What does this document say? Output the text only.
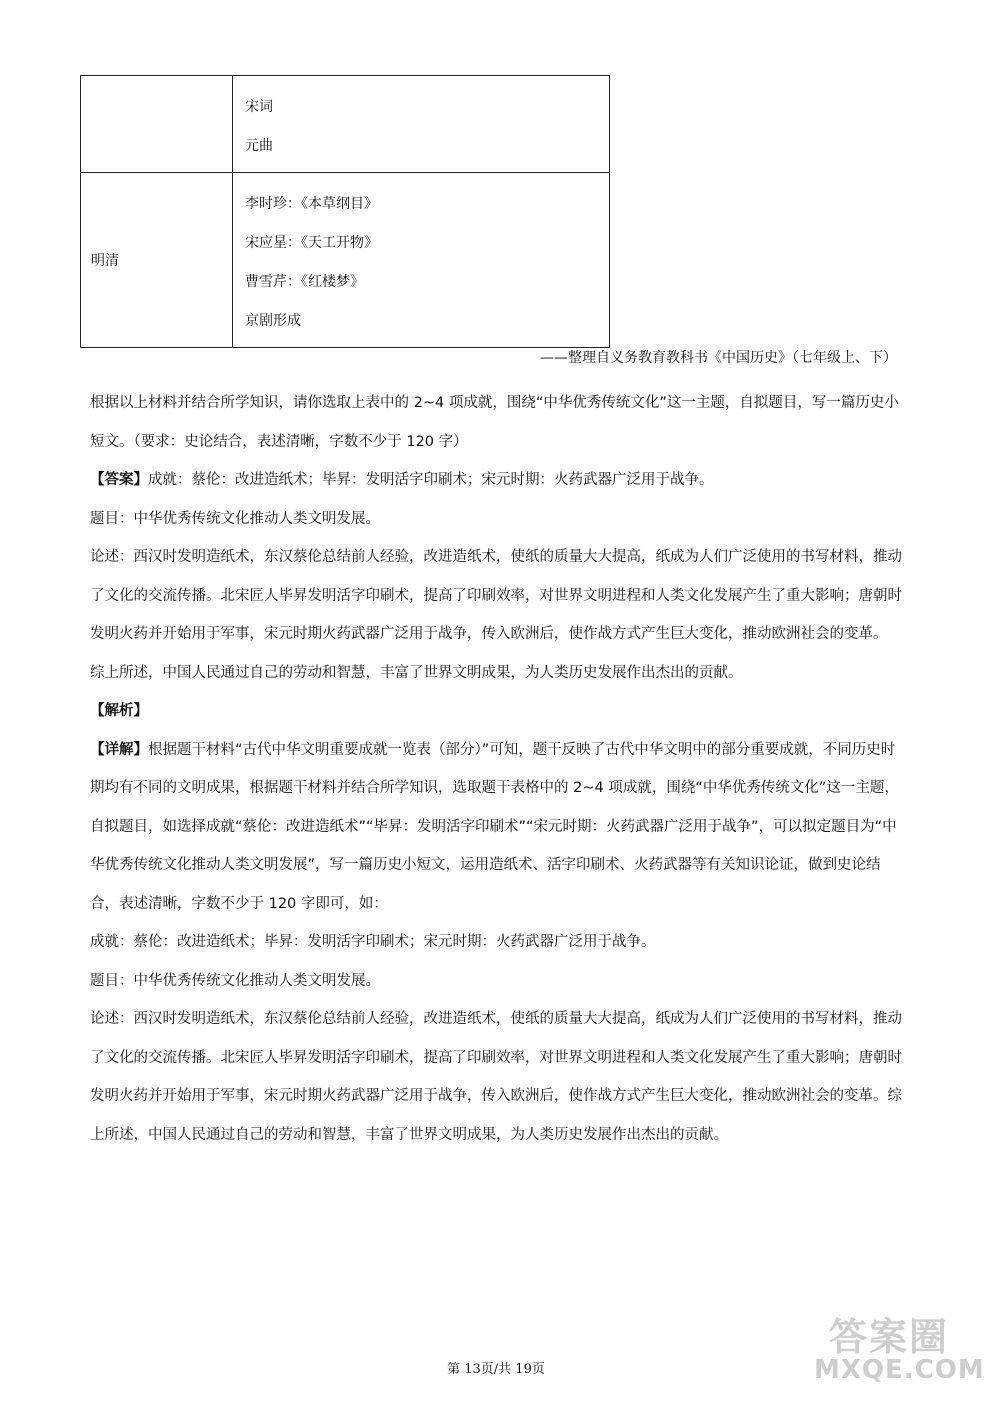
	宋词
元曲

明清	李时珍：《本草纲目》
宋应星：《天工开物》
曹雪芹：《红楼梦》
京剧形成
——整理自义务教育教科书《中国历史》（七年级上、下）

根据以上材料并结合所学知识，请你选取上表中的 2~4 项成就，围绕“中华优秀传统文化”这一主题，自拟题目，写一篇历史小短文。（要求：史论结合，表述清晰，字数不少于 120 字）

【答案】成就：蔡伦：改进造纸术；毕昇：发明活字印刷术；宋元时期：火药武器广泛用于战争。

题目：中华优秀传统文化推动人类文明发展。

论述：西汉时发明造纸术，东汉蔡伦总结前人经验，改进造纸术，使纸的质量大大提高，纸成为人们广泛使用的书写材料，推动了文化的交流传播。北宋匠人毕昇发明活字印刷术，提高了印刷效率，对世界文明进程和人类文化发展产生了重大影响；唐朝时发明火药并开始用于军事，宋元时期火药武器广泛用于战争，传入欧洲后，使作战方式产生巨大变化，推动欧洲社会的变革。

综上所述，中国人民通过自己的劳动和智慧，丰富了世界文明成果，为人类历史发展作出杰出的贡献。

【解析】

【详解】根据题干材料“古代中华文明重要成就一览表（部分）”可知，题干反映了古代中华文明中的部分重要成就，不同历史时期均有不同的文明成果，根据题干材料并结合所学知识，选取题干表格中的 2~4 项成就，围绕“中华优秀传统文化”这一主题，自拟题目，如选择成就“蔡伦：改进造纸术”“毕昇：发明活字印刷术”“宋元时期：火药武器广泛用于战争”，可以拟定题目为“中华优秀传统文化推动人类文明发展”，写一篇历史小短文，运用造纸术、活字印刷术、火药武器等有关知识论证，做到史论结合，表述清晰，字数不少于 120 字即可，如：

成就：蔡伦：改进造纸术；毕昇：发明活字印刷术；宋元时期：火药武器广泛用于战争。

题目：中华优秀传统文化推动人类文明发展。

论述：西汉时发明造纸术，东汉蔡伦总结前人经验，改进造纸术，使纸的质量大大提高，纸成为人们广泛使用的书写材料，推动了文化的交流传播。北宋匠人毕昇发明活字印刷术，提高了印刷效率，对世界文明进程和人类文化发展产生了重大影响；唐朝时发明火药并开始用于军事，宋元时期火药武器广泛用于战争，传入欧洲后，使作战方式产生巨大变化，推动欧洲社会的变革。综上所述，中国人民通过自己的劳动和智慧，丰富了世界文明成果，为人类历史发展作出杰出的贡献。

第 13页/共 19页
答案圈
MXQE.COM
